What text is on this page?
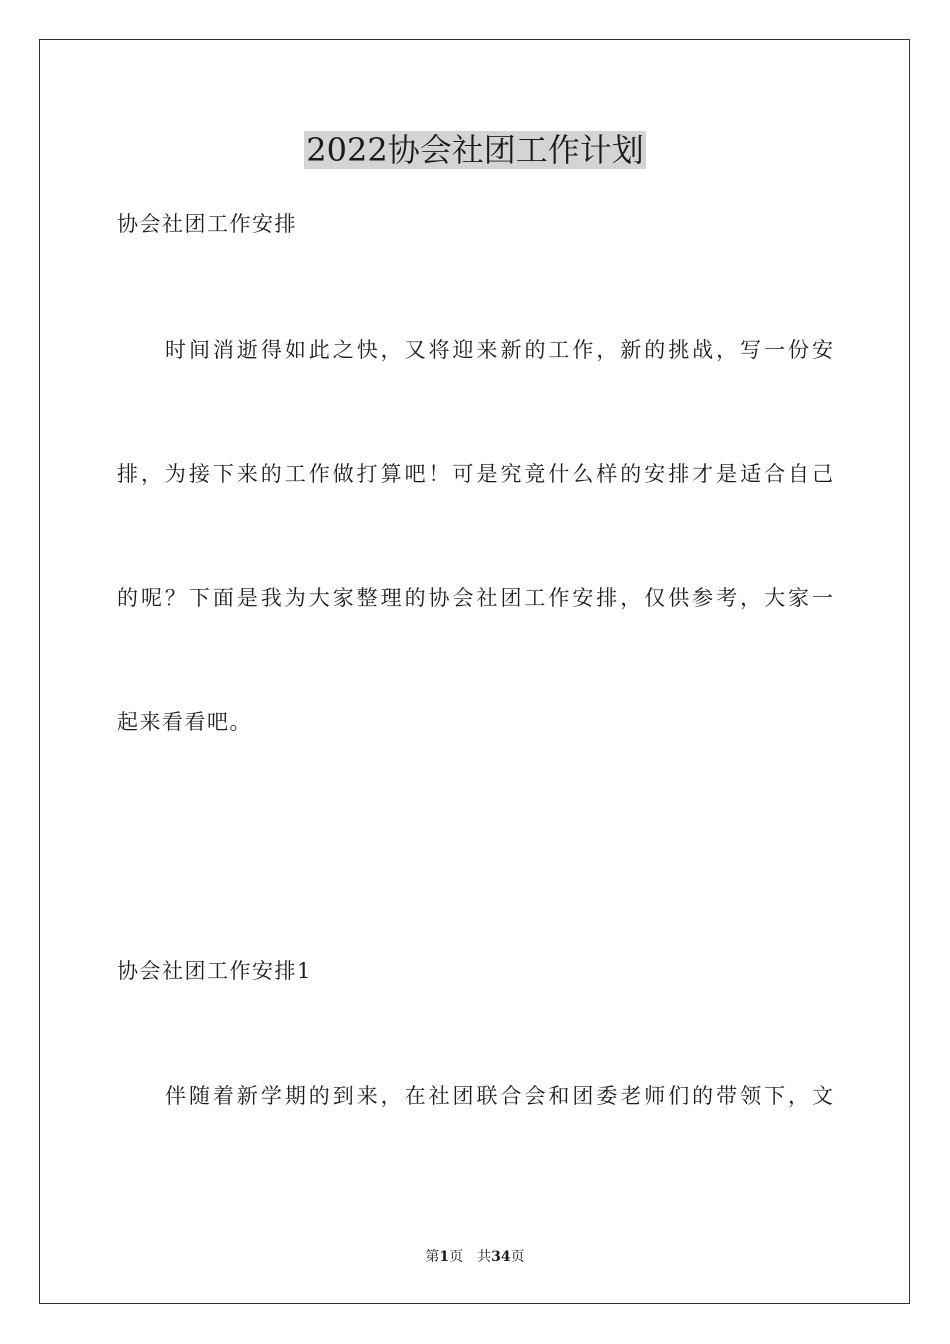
2022协会社团工作计划
协会社团工作安排
时间消逝得如此之快，又将迎来新的工作，新的挑战，写一份安
排，为接下来的工作做打算吧！可是究竟什么样的安排才是适合自己
的呢？下面是我为大家整理的协会社团工作安排，仅供参考，大家一
起来看看吧。
协会社团工作安排1
伴随着新学期的到来，在社团联合会和团委老师们的带领下，文
第1页　共34页
